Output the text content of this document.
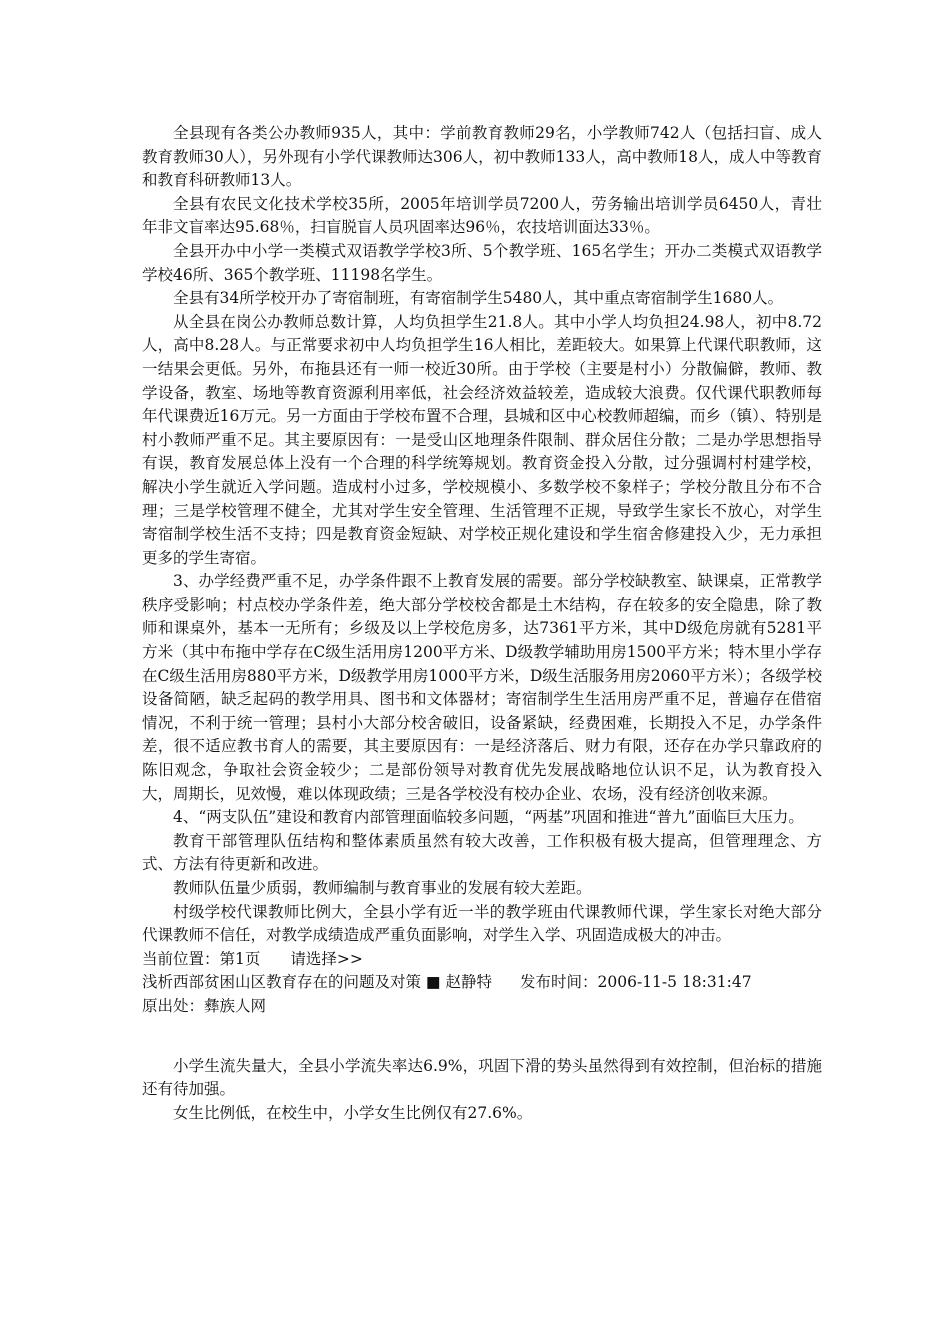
全县现有各类公办教师935人，其中：学前教育教师29名，小学教师742人（包括扫盲、成人教育教师30人），另外现有小学代课教师达306人，初中教师133人，高中教师18人，成人中等教育和教育科研教师13人。

全县有农民文化技术学校35所，2005年培训学员7200人，劳务输出培训学员6450人，青壮年非文盲率达95.68％，扫盲脱盲人员巩固率达96％，农技培训面达33％。

全县开办中小学一类模式双语教学学校3所、5个教学班、165名学生；开办二类模式双语教学学校46所、365个教学班、11198名学生。

全县有34所学校开办了寄宿制班，有寄宿制学生5480人，其中重点寄宿制学生1680人。

从全县在岗公办教师总数计算，人均负担学生21.8人。其中小学人均负担24.98人，初中8.72人，高中8.28人。与正常要求初中人均负担学生16人相比，差距较大。如果算上代课代职教师，这一结果会更低。另外，布拖县还有一师一校近30所。由于学校（主要是村小）分散偏僻，教师、教学设备，教室、场地等教育资源利用率低，社会经济效益较差，造成较大浪费。仅代课代职教师每年代课费近16万元。另一方面由于学校布置不合理，县城和区中心校教师超编，而乡（镇）、特别是村小教师严重不足。其主要原因有：一是受山区地理条件限制、群众居住分散；二是办学思想指导有误，教育发展总体上没有一个合理的科学统筹规划。教育资金投入分散，过分强调村村建学校，解决小学生就近入学问题。造成村小过多，学校规模小、多数学校不象样子；学校分散且分布不合理；三是学校管理不健全，尤其对学生安全管理、生活管理不正规，导致学生家长不放心，对学生寄宿制学校生活不支持；四是教育资金短缺、对学校正规化建设和学生宿舍修建投入少，无力承担更多的学生寄宿。

3、办学经费严重不足，办学条件跟不上教育发展的需要。部分学校缺教室、缺课桌，正常教学秩序受影响；村点校办学条件差，绝大部分学校校舍都是土木结构，存在较多的安全隐患，除了教师和课桌外，基本一无所有；乡级及以上学校危房多，达7361平方米，其中D级危房就有5281平方米（其中布拖中学存在C级生活用房1200平方米、D级教学辅助用房1500平方米；特木里小学存在C级生活用房880平方米，D级教学用房1000平方米，D级生活服务用房2060平方米）；各级学校设备简陋，缺乏起码的教学用具、图书和文体器材；寄宿制学生生活用房严重不足，普遍存在借宿情况，不利于统一管理；县村小大部分校舍破旧，设备紧缺，经费困难，长期投入不足，办学条件差，很不适应教书育人的需要，其主要原因有：一是经济落后、财力有限，还存在办学只靠政府的陈旧观念，争取社会资金较少；二是部份领导对教育优先发展战略地位认识不足，认为教育投入大，周期长，见效慢，难以体现政绩；三是各学校没有校办企业、农场，没有经济创收来源。

4、“两支队伍”建设和教育内部管理面临较多问题，“两基”巩固和推进“普九”面临巨大压力。

教育干部管理队伍结构和整体素质虽然有较大改善，工作积极有极大提高，但管理理念、方式、方法有待更新和改进。

教师队伍量少质弱，教师编制与教育事业的发展有较大差距。

村级学校代课教师比例大，全县小学有近一半的教学班由代课教师代课，学生家长对绝大部分代课教师不信任，对教学成绩造成严重负面影响，对学生入学、巩固造成极大的冲击。

当前位置：第1页 请选择>>

浅析西部贫困山区教育存在的问题及对策 ■ 赵静特 发布时间：2006-11-5 18:31:47

原出处：彝族人网

小学生流失量大，全县小学流失率达6.9%，巩固下滑的势头虽然得到有效控制，但治标的措施还有待加强。

女生比例低，在校生中，小学女生比例仅有27.6%。
